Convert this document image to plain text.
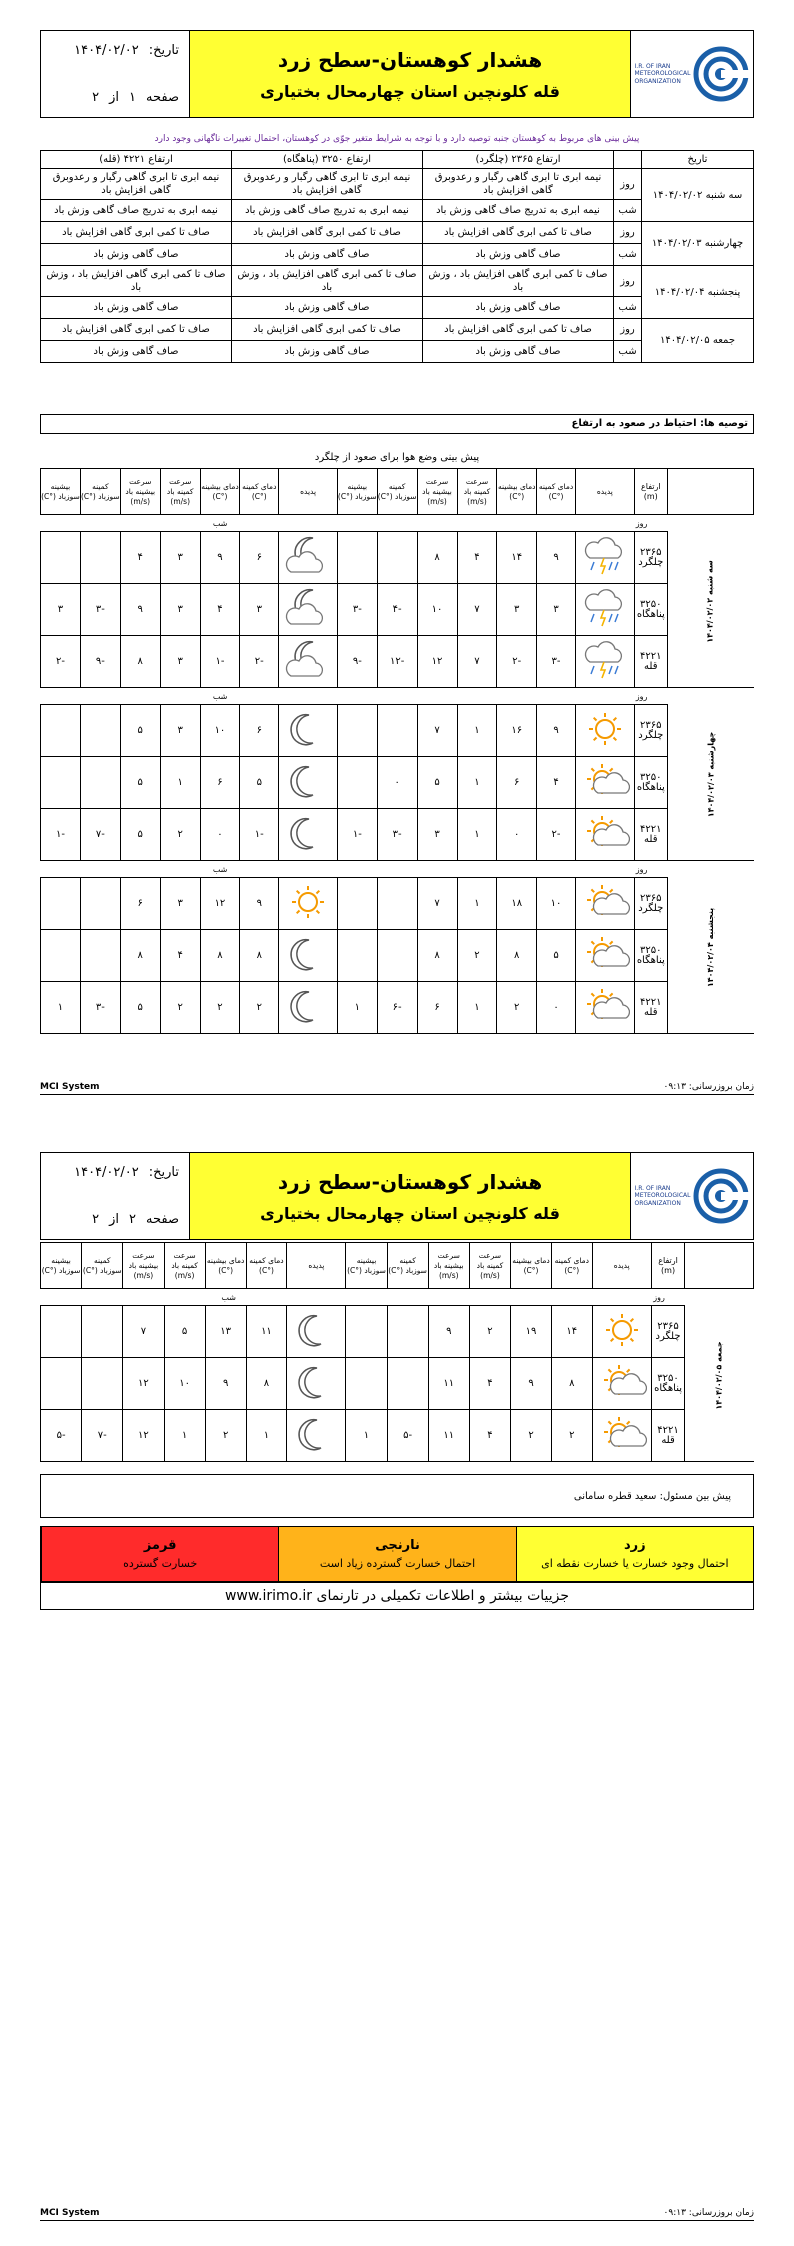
I.R. OF IRAN
METEOROLOGICAL
ORGANIZATION
هشدار کوهستان-سطح زرد
قله کلونچین استان چهارمحال بختیاری
تاریخ:
۱۴۰۴/۰۲/۰۲
صفحه
۱
از
۲
پیش بینی های مربوط به کوهستان جنبه توصیه دارد و با توجه به شرایط متغیر جوّی در کوهستان، احتمال تغییرات ناگهانی وجود دارد
تاریخ		ارتفاع ۲۳۶۵ (چلگرد)	ارتفاع ۳۲۵۰ (پناهگاه)	ارتفاع ۴۲۲۱ (قله)
سه شنبه ۱۴۰۴/۰۲/۰۲	روز	نیمه ابری تا ابری گاهی رگبار و رعدوبرق گاهی افزایش باد	نیمه ابری تا ابری گاهی رگبار و رعدوبرق گاهی افزایش باد	نیمه ابری تا ابری گاهی رگبار و رعدوبرق گاهی افزایش باد
	شب	نیمه ابری به تدریج صاف گاهی وزش باد	نیمه ابری به تدریج صاف گاهی وزش باد	نیمه ابری به تدریج صاف گاهی وزش باد
چهارشنبه ۱۴۰۴/۰۲/۰۳	روز	صاف تا کمی ابری گاهی افزایش باد	صاف تا کمی ابری گاهی افزایش باد	صاف تا کمی ابری گاهی افزایش باد
	شب	صاف گاهی وزش باد	صاف گاهی وزش باد	صاف گاهی وزش باد
پنجشنبه ۱۴۰۴/۰۲/۰۴	روز	صاف تا کمی ابری گاهی افزایش باد ، وزش باد	صاف تا کمی ابری گاهی افزایش باد ، وزش باد	صاف تا کمی ابری گاهی افزایش باد ، وزش باد
	شب	صاف گاهی وزش باد	صاف گاهی وزش باد	صاف گاهی وزش باد
جمعه ۱۴۰۴/۰۲/۰۵	روز	صاف تا کمی ابری گاهی افزایش باد	صاف تا کمی ابری گاهی افزایش باد	صاف تا کمی ابری گاهی افزایش باد
	شب	صاف گاهی وزش باد	صاف گاهی وزش باد	صاف گاهی وزش باد
توصیه ها: احتیاط در صعود به ارتفاع
پیش بینی وضع هوا برای صعود از چلگرد
	ارتفاع (m)	پدیده	دمای کمینه (°C)	دمای بیشینه (°C)	سرعت کمینه باد (m/s)	سرعت بیشینه باد (m/s)	کمینه سوزباد (°C)	بیشینه سوزباد (°C)	پدیده	دمای کمینه (°C)	دمای بیشینه (°C)	سرعت کمینه باد (m/s)	سرعت بیشینه باد (m/s)	کمینه سوزباد (°C)	بیشینه سوزباد (°C)
سه شنبه ۱۴۰۴/۰۲/۰۲	روز								شب						
	۲۳۶۵ چلگرد		۹	۱۴	۴	۸				۶	۹	۳	۴		
	۳۲۵۰ پناهگاه		۳	۳	۷	۱۰	-۴	-۳		۳	۴	۳	۹	-۳	۳
	۴۲۲۱ قله		-۳	-۲	۷	۱۲	-۱۲	-۹		-۲	-۱	۳	۸	-۹	-۲
چهارشنبه ۱۴۰۴/۰۲/۰۳	روز								شب						
	۲۳۶۵ چلگرد		۹	۱۶	۱	۷				۶	۱۰	۳	۵		
	۳۲۵۰ پناهگاه		۴	۶	۱	۵	۰			۵	۶	۱	۵		
	۴۲۲۱ قله		-۲	۰	۱	۳	-۳	-۱		-۱	۰	۲	۵	-۷	-۱
پنجشنبه ۱۴۰۴/۰۲/۰۴	روز								شب						
	۲۳۶۵ چلگرد		۱۰	۱۸	۱	۷				۹	۱۲	۳	۶		
	۳۲۵۰ پناهگاه		۵	۸	۲	۸				۸	۸	۴	۸		
	۴۲۲۱ قله		۰	۲	۱	۶	-۶	۱		۲	۲	۲	۵	-۳	۱
MCI System	زمان بروزرسانی: ۰۹:۱۳
I.R. OF IRAN
METEOROLOGICAL
ORGANIZATION
هشدار کوهستان-سطح زرد
قله کلونچین استان چهارمحال بختیاری
تاریخ:
۱۴۰۴/۰۲/۰۲
صفحه
۲
از
۲
	ارتفاع (m)	پدیده	دمای کمینه (°C)	دمای بیشینه (°C)	سرعت کمینه باد (m/s)	سرعت بیشینه باد (m/s)	کمینه سوزباد (°C)	بیشینه سوزباد (°C)	پدیده	دمای کمینه (°C)	دمای بیشینه (°C)	سرعت کمینه باد (m/s)	سرعت بیشینه باد (m/s)	کمینه سوزباد (°C)	بیشینه سوزباد (°C)
جمعه ۱۴۰۴/۰۲/۰۵	روز								شب						
	۲۳۶۵ چلگرد		۱۴	۱۹	۲	۹				۱۱	۱۳	۵	۷		
	۳۲۵۰ پناهگاه		۸	۹	۴	۱۱				۸	۹	۱۰	۱۲		
	۴۲۲۱ قله		۲	۲	۴	۱۱	-۵	۱		۱	۲	۱	۱۲	-۷	-۵
پیش بین مسئول: سعید قطره سامانی
زرد
احتمال وجود خسارت یا خسارت نقطه ای
نارنجی
احتمال خسارت گسترده زیاد است
قرمز
خسارت گسترده
جزییات بیشتر و اطلاعات تکمیلی در تارنمای www.irimo.ir
MCI System	زمان بروزرسانی: ۰۹:۱۳
